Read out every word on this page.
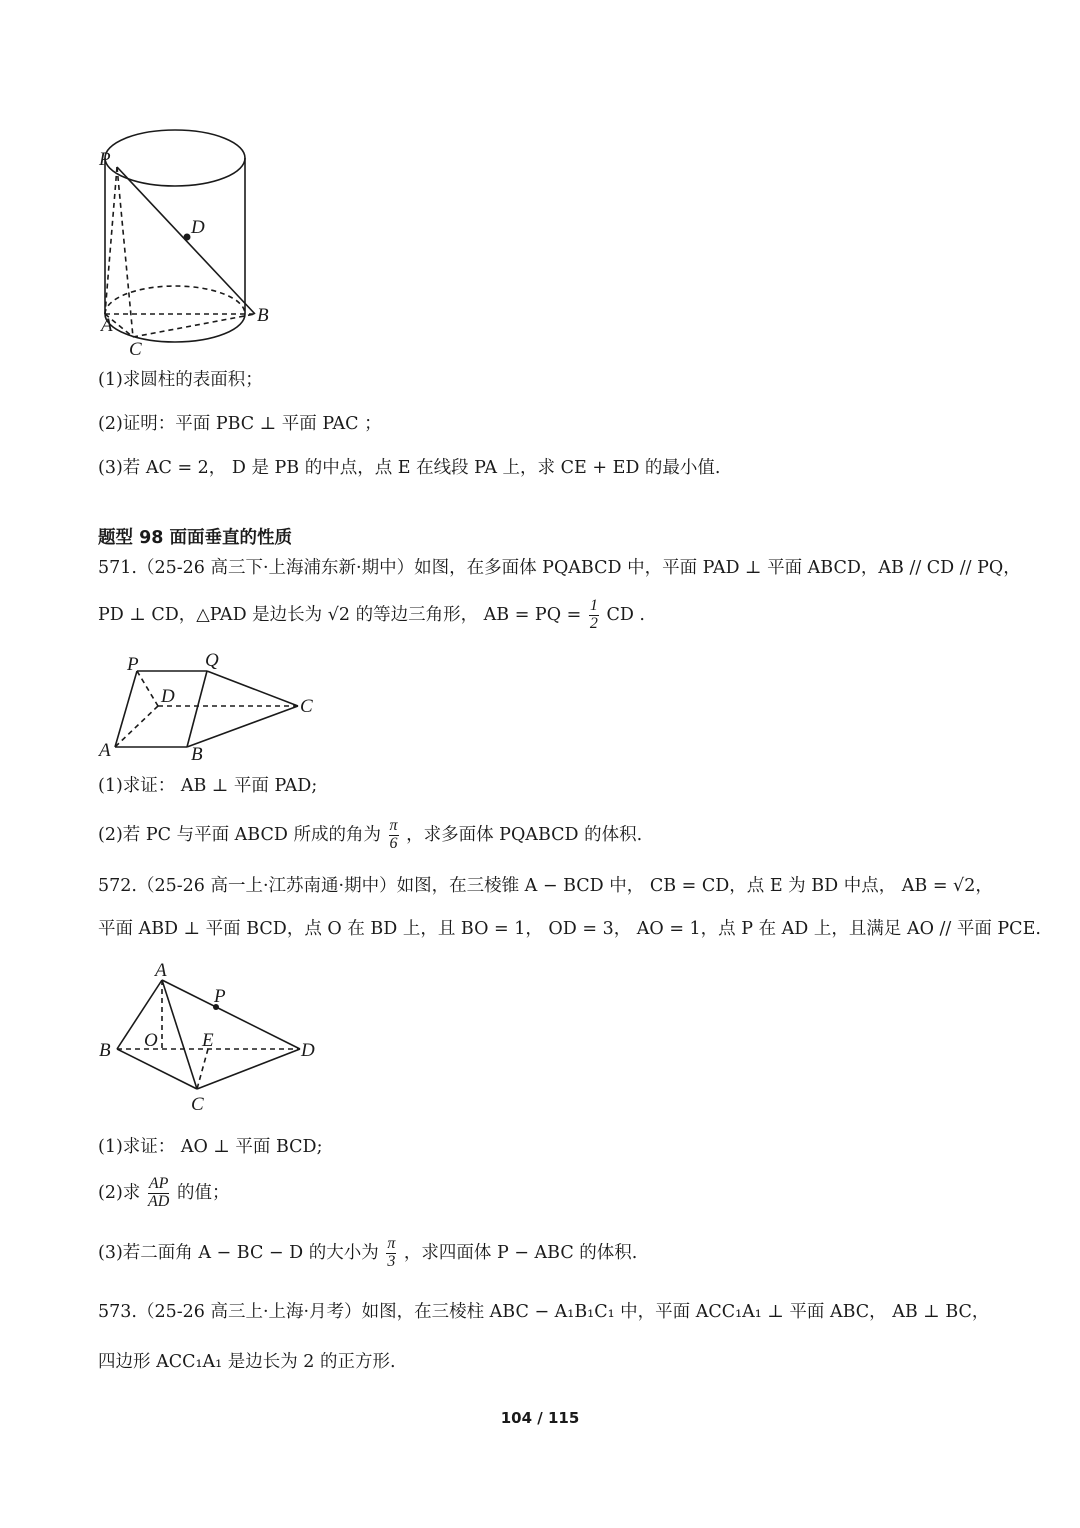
P
D
A	B
C
(1)求圆柱的表面积；
(2)证明：平面 PBC ⊥ 平面 PAC ；
(3)若 AC = 2， D 是 PB 的中点，点 E 在线段 PA 上，求 CE + ED 的最小值.
题型 98 面面垂直的性质
571.（25-26 高三下·上海浦东新·期中）如图，在多面体 PQABCD 中，平面 PAD ⊥ 平面 ABCD，AB // CD // PQ，
PD ⊥ CD，△PAD 是边长为 √2 的等边三角形， AB = PQ = $\frac{1}{2}$ CD .
P	Q
D	C
A	B
(1)求证： AB ⊥ 平面 PAD;
(2)若 PC 与平面 ABCD 所成的角为 $\frac{\pi}{6}$ ，求多面体 PQABCD 的体积.
572.（25-26 高一上·江苏南通·期中）如图，在三棱锥 A − BCD 中， CB = CD，点 E 为 BD 中点， AB = √2，
平面 ABD ⊥ 平面 BCD，点 O 在 BD 上，且 BO = 1， OD = 3， AO = 1，点 P 在 AD 上，且满足 AO // 平面 PCE.
A
P
B O E	D
C
(1)求证： AO ⊥ 平面 BCD;
(2)求 $\frac{AP}{AD}$ 的值；
(3)若二面角 A − BC − D 的大小为 $\frac{\pi}{3}$ ，求四面体 P − ABC 的体积.
573.（25-26 高三上·上海·月考）如图，在三棱柱 ABC − A₁B₁C₁ 中，平面 ACC₁A₁ ⊥ 平面 ABC， AB ⊥ BC，
四边形 ACC₁A₁ 是边长为 2 的正方形.
104 / 115
